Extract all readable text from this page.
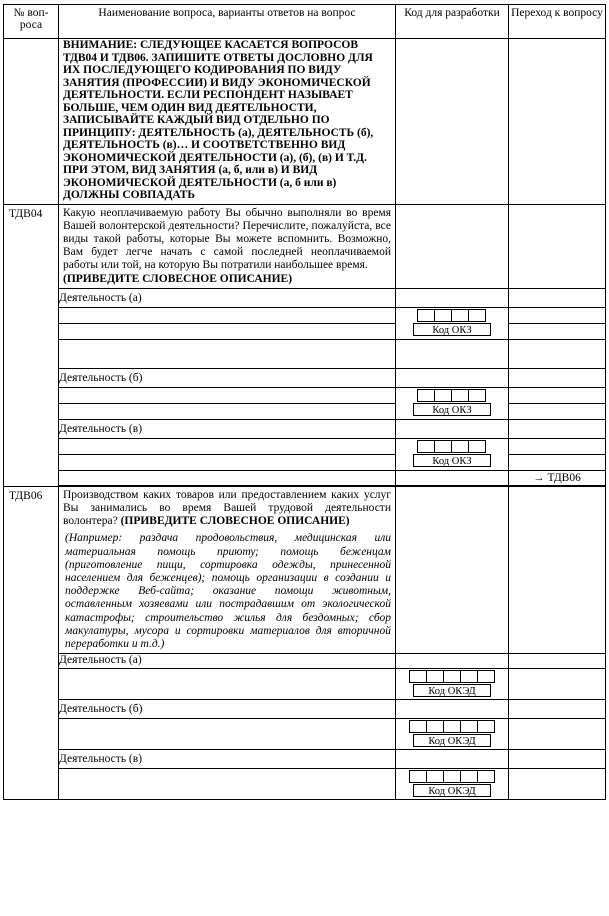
№ воп-роса	Наименование вопроса, варианты ответов на вопрос	Код для разработки	Переход к вопросу
	ВНИМАНИЕ: СЛЕДУЮЩЕЕ КАСАЕТСЯ ВОПРОСОВ ТДВ04 И ТДВ06. ЗАПИШИТЕ ОТВЕТЫ ДОСЛОВНО ДЛЯ ИХ ПОСЛЕДУЮЩЕГО КОДИРОВАНИЯ ПО ВИДУ ЗАНЯТИЯ (ПРОФЕССИИ) И ВИДУ ЭКОНОМИЧЕСКОЙ ДЕЯТЕЛЬНОСТИ. ЕСЛИ РЕСПОНДЕНТ НАЗЫВАЕТ БОЛЬШЕ, ЧЕМ ОДИН ВИД ДЕЯТЕЛЬНОСТИ, ЗАПИСЫВАЙТЕ КАЖДЫЙ ВИД ОТДЕЛЬНО ПО ПРИНЦИПУ: ДЕЯТЕЛЬНОСТЬ (а), ДЕЯТЕЛЬНОСТЬ (б), ДЕЯТЕЛЬНОСТЬ (в)… И СООТВЕТСТВЕННО ВИД ЭКОНОМИЧЕСКОЙ ДЕЯТЕЛЬНОСТИ (а), (б), (в) И Т.Д. ПРИ ЭТОМ, ВИД ЗАНЯТИЯ (а, б, или в) И ВИД ЭКОНОМИЧЕСКОЙ ДЕЯТЕЛЬНОСТИ (а, б или в) ДОЛЖНЫ СОВПАДАТЬ		
ТДВ04	Какую неоплачиваемую работу Вы обычно выполняли во время Вашей волонтерской деятельности? Перечислите, пожалуйста, все виды такой работы, которые Вы можете вспомнить. Возможно, Вам будет легче начать с самой последней неоплачиваемой работы или той, на которую Вы потратили наибольшее время.
(ПРИВЕДИТЕ СЛОВЕСНОЕ ОПИСАНИЕ)		

	Деятельность (а)		

		Код ОКЗ	

	Деятельность (б)		

		Код ОКЗ	

	Деятельность (в)		

		Код ОКЗ	

			→ ТДВ06

ТДВ06	Производством каких товаров или предоставлением каких услуг Вы занимались во время Вашей трудовой деятельности волонтера? (ПРИВЕДИТЕ СЛОВЕСНОЕ ОПИСАНИЕ)
(Например: раздача продовольствия, медицинская или материальная помощь приюту; помощь беженцам (приготовление пищи, сортировка одежды, принесенной населением для беженцев); помощь организации в создании и поддержке Веб-сайта; оказание помощи животным, оставленным хозяевами или пострадавшим от экологической катастрофы; строительство жилья для бездомных; сбор макулатуры, мусора и сортировки материалов для вторичной переработки и т.д.)		

	Деятельность (а)		

		Код ОКЭД	

	Деятельность (б)		

		Код ОКЭД	

	Деятельность (в)		

		Код ОКЭД	
